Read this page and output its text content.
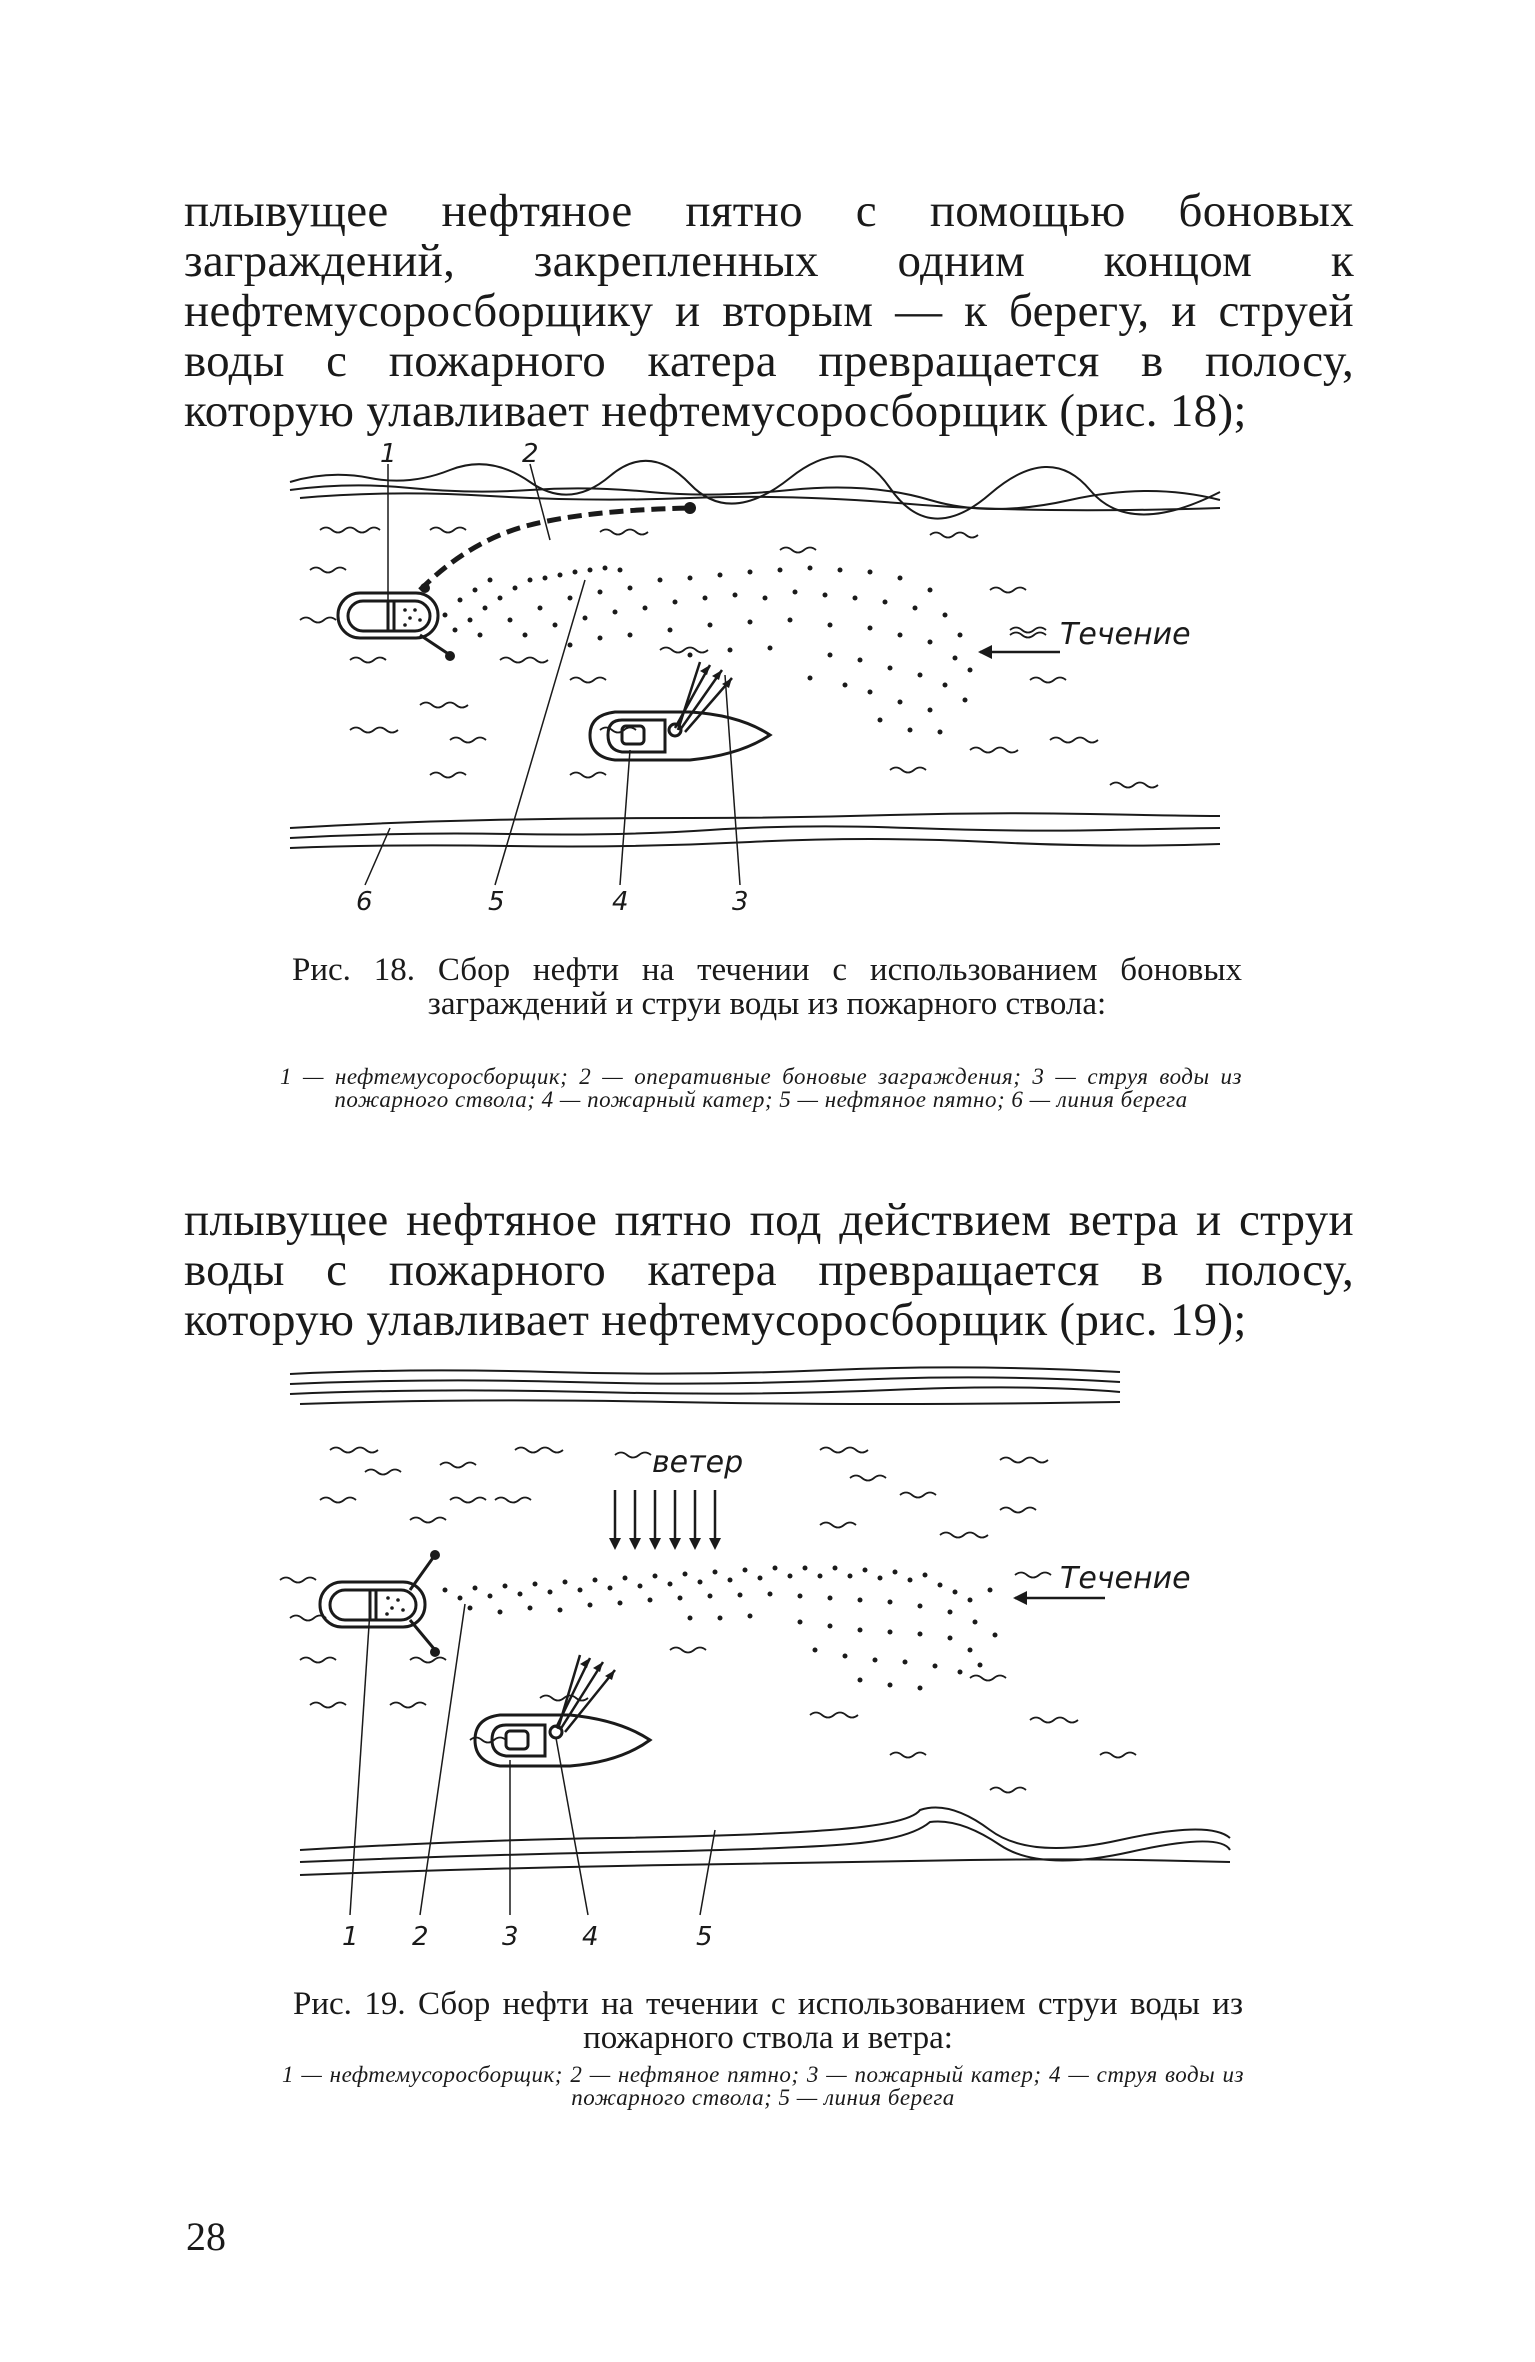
плывущее нефтяное пятно с помощью боновых заграждений, закрепленных одним концом к нефтемусоросборщику и вторым — к берегу, и струей воды с пожарного катера превращается в полосу, которую улавливает нефтемусоросборщик (рис. 18);
Течение
1	2
3
4
5
6
Рис. 18. Сбор нефти на течении с использованием боновых заграждений и струи воды из пожарного ствола:
1 — нефтемусоросборщик; 2 — оперативные боновые заграждения; 3 — струя воды из пожарного ствола; 4 — пожарный катер; 5 — нефтяное пятно; 6 — линия берега
плывущее нефтяное пятно под действием ветра и струи воды с пожарного катера превращается в полосу, которую улавливает нефтемусоросборщик (рис. 19);
ветер
Течение
1 2	3 4	5
Рис. 19. Сбор нефти на течении с использованием струи воды из пожарного ствола и ветра:
1 — нефтемусоросборщик; 2 — нефтяное пятно; 3 — пожарный катер; 4 — струя воды из пожарного ствола; 5 — линия берега
28
